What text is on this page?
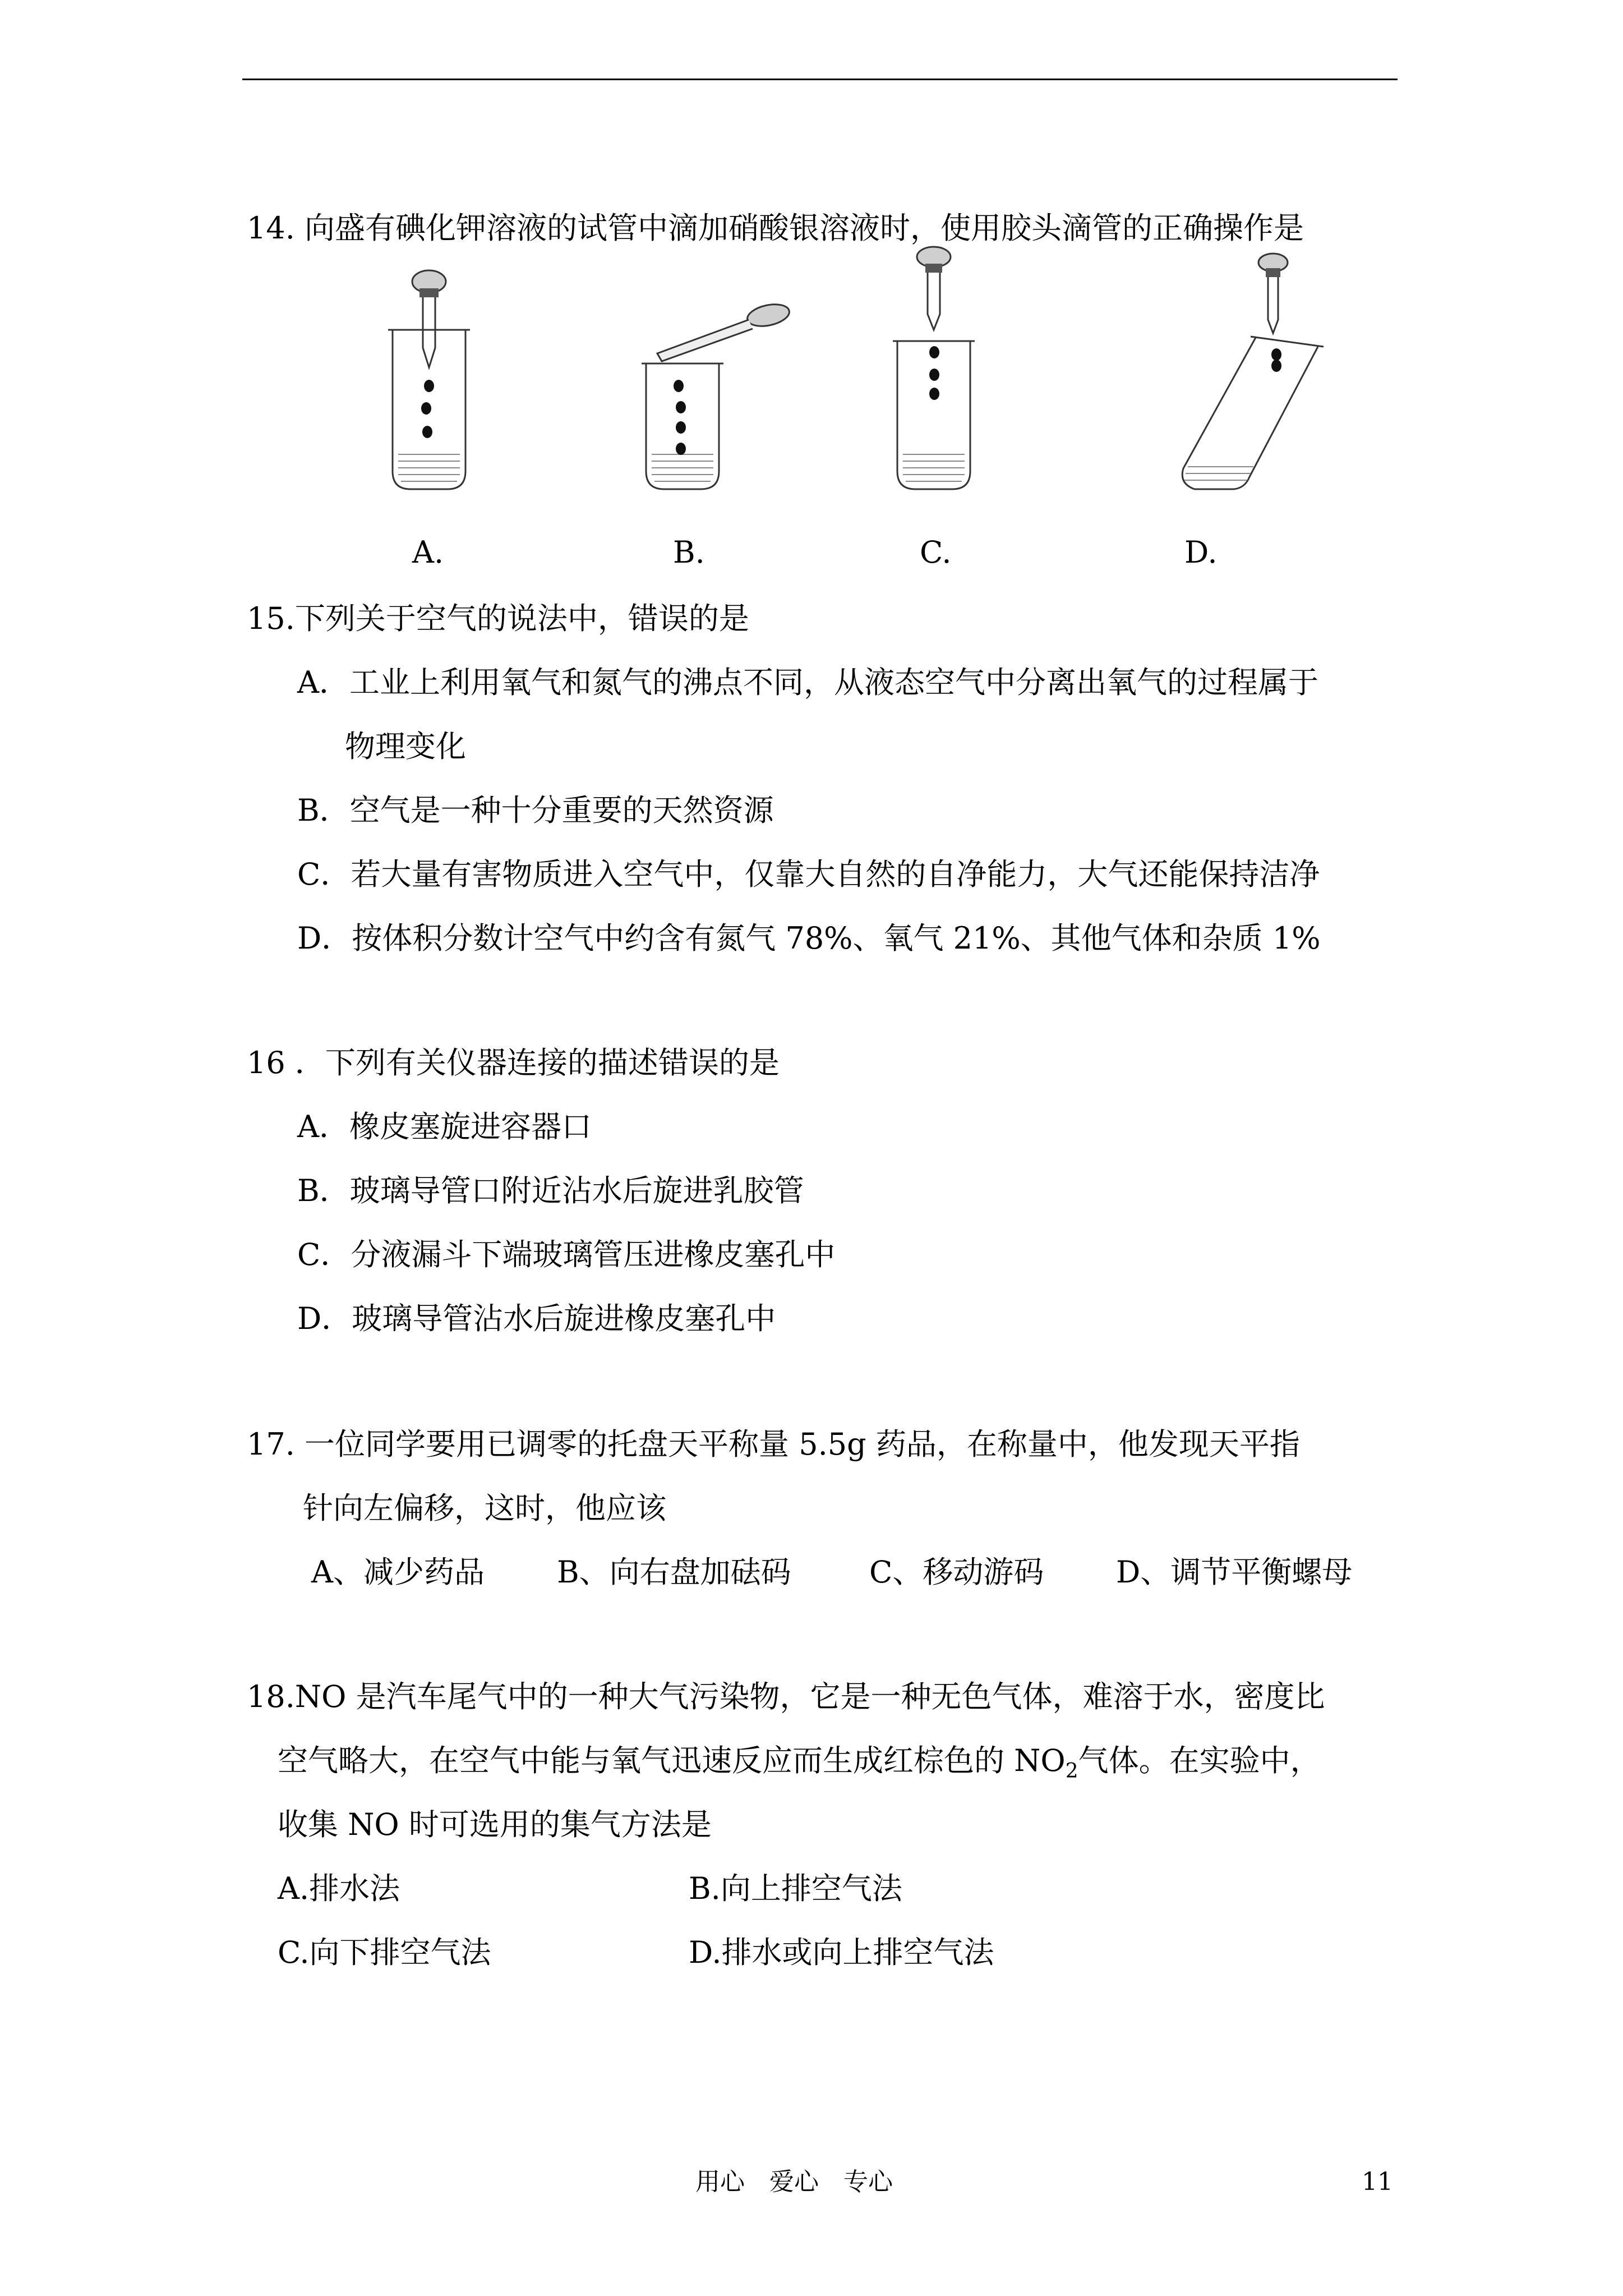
14. 向盛有碘化钾溶液的试管中滴加硝酸银溶液时，使用胶头滴管的正确操作是
A.	B.	C.	D.
15.下列关于空气的说法中，错误的是
A．工业上利用氧气和氮气的沸点不同，从液态空气中分离出氧气的过程属于
物理变化
B．空气是一种十分重要的天然资源
C．若大量有害物质进入空气中，仅靠大自然的自净能力，大气还能保持洁净
D．按体积分数计空气中约含有氮气 78%、氧气 21%、其他气体和杂质 1%
16 ．下列有关仪器连接的描述错误的是
A．橡皮塞旋进容器口
B．玻璃导管口附近沾水后旋进乳胶管
C．分液漏斗下端玻璃管压进橡皮塞孔中
D．玻璃导管沾水后旋进橡皮塞孔中
17. 一位同学要用已调零的托盘天平称量 5.5g 药品，在称量中，他发现天平指
针向左偏移，这时，他应该
A、减少药品 B、向右盘加砝码	C、移动游码 D、调节平衡螺母
18.NO 是汽车尾气中的一种大气污染物，它是一种无色气体，难溶于水，密度比
空气略大，在空气中能与氧气迅速反应而生成红棕色的 $NO_2$气体。在实验中，
收集 NO 时可选用的集气方法是
A.排水法	B.向上排空气法
C.向下排空气法	D.排水或向上排空气法
用心　爱心　专心	11
